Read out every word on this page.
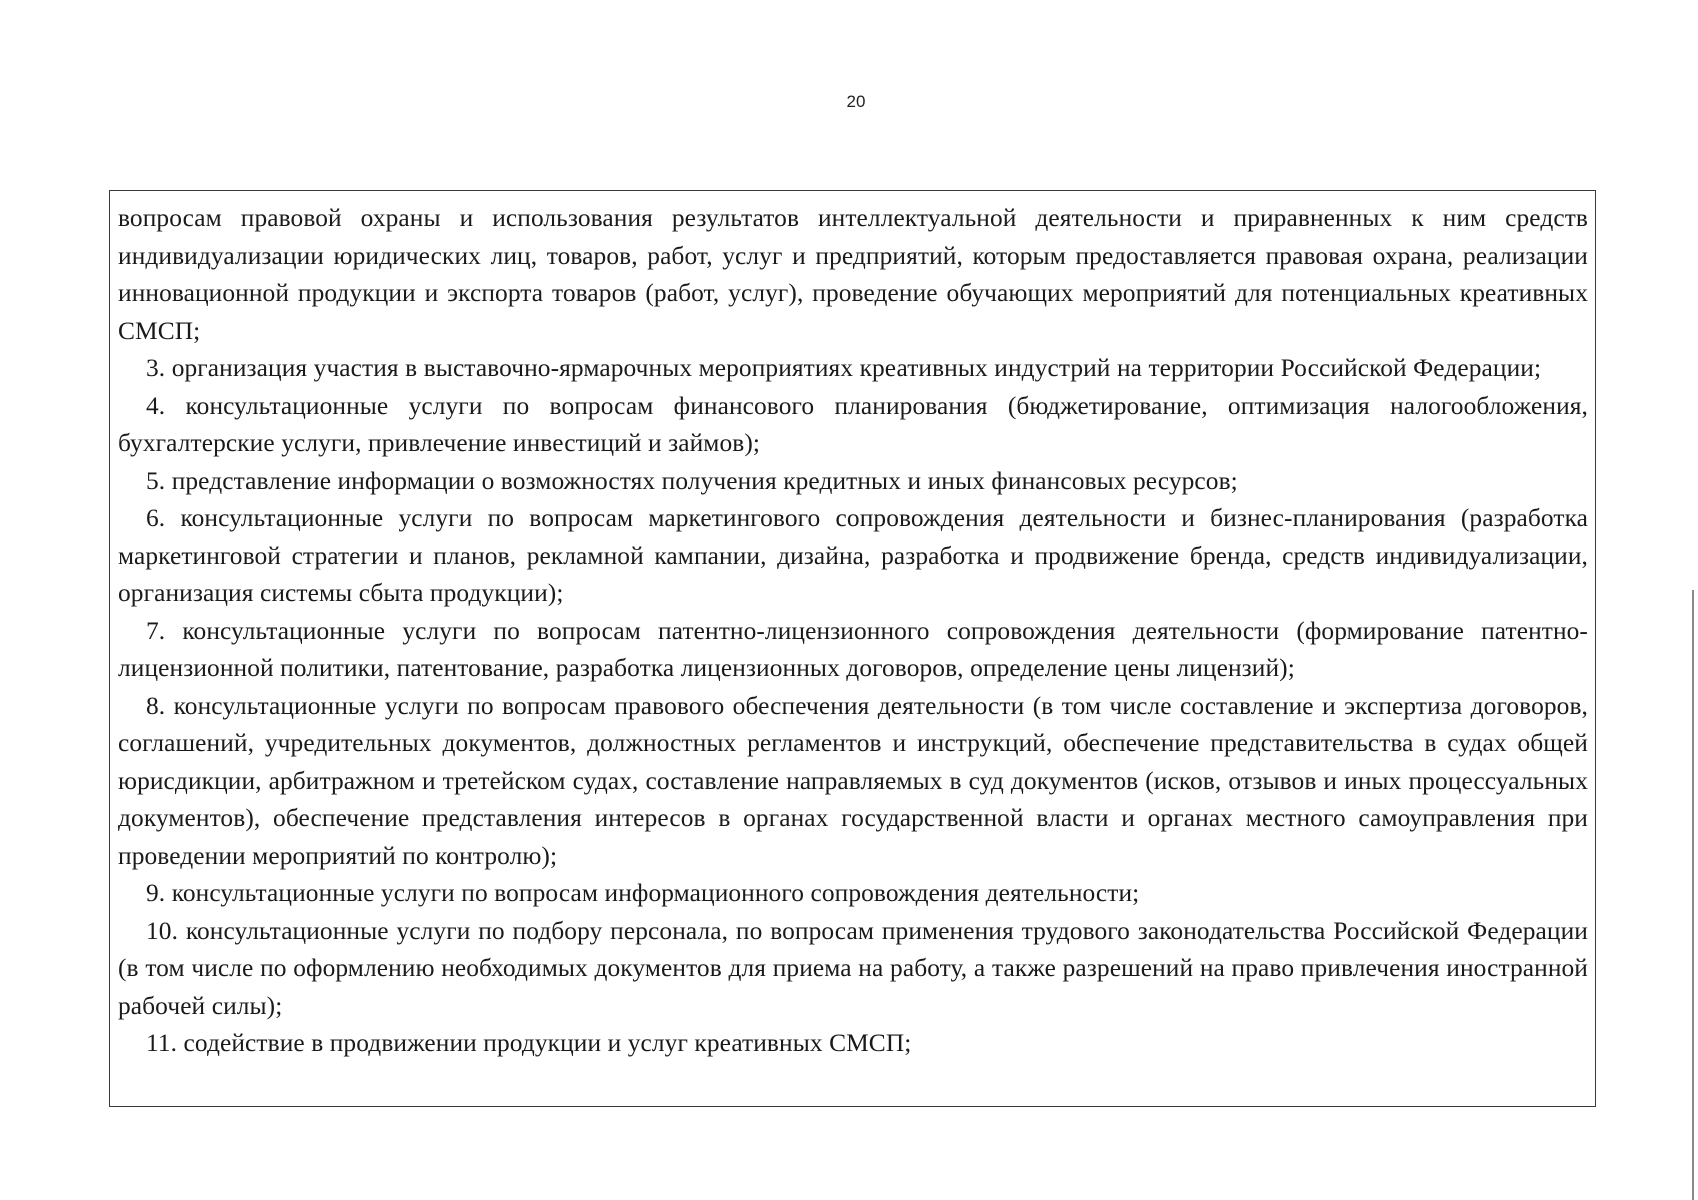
20

вопросам правовой охраны и использования результатов интеллектуальной деятельности и приравненных к ним средств индивидуализации юридических лиц, товаров, работ, услуг и предприятий, которым предоставляется правовая охрана, реализации инновационной продукции и экспорта товаров (работ, услуг), проведение обучающих мероприятий для потенциальных креативных СМСП;

3. организация участия в выставочно-ярмарочных мероприятиях креативных индустрий на территории Российской Федерации;

4. консультационные услуги по вопросам финансового планирования (бюджетирование, оптимизация налогообложения, бухгалтерские услуги, привлечение инвестиций и займов);

5. представление информации о возможностях получения кредитных и иных финансовых ресурсов;

6. консультационные услуги по вопросам маркетингового сопровождения деятельности и бизнес-планирования (разработка маркетинговой стратегии и планов, рекламной кампании, дизайна, разработка и продвижение бренда, средств индивидуализации, организация системы сбыта продукции);

7. консультационные услуги по вопросам патентно-лицензионного сопровождения деятельности (формирование патентно-лицензионной политики, патентование, разработка лицензионных договоров, определение цены лицензий);

8. консультационные услуги по вопросам правового обеспечения деятельности (в том числе составление и экспертиза договоров, соглашений, учредительных документов, должностных регламентов и инструкций, обеспечение представительства в судах общей юрисдикции, арбитражном и третейском судах, составление направляемых в суд документов (исков, отзывов и иных процессуальных документов), обеспечение представления интересов в органах государственной власти и органах местного самоуправления при проведении мероприятий по контролю);

9. консультационные услуги по вопросам информационного сопровождения деятельности;

10. консультационные услуги по подбору персонала, по вопросам применения трудового законодательства Российской Федерации (в том числе по оформлению необходимых документов для приема на работу, а также разрешений на право привлечения иностранной рабочей силы);

11. содействие в продвижении продукции и услуг креативных СМСП;
